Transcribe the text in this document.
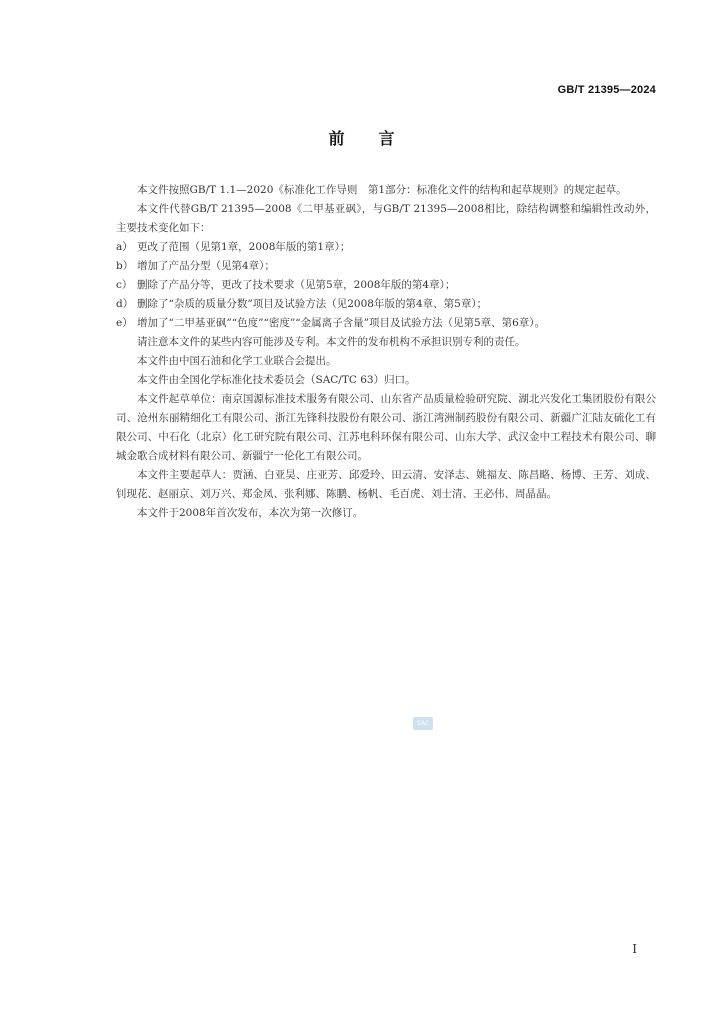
GB/T 21395—2024
前 言

本文件按照GB/T 1.1—2020《标准化工作导则　第1部分：标准化文件的结构和起草规则》的规定起草。

本文件代替GB/T 21395—2008《二甲基亚砜》，与GB/T 21395—2008相比，除结构调整和编辑性改动外，主要技术变化如下：

a） 更改了范围（见第1章，2008年版的第1章）；
b） 增加了产品分型（见第4章）；
c） 删除了产品分等，更改了技术要求（见第5章，2008年版的第4章）；
d） 删除了“杂质的质量分数”项目及试验方法（见2008年版的第4章、第5章）；
e） 增加了“二甲基亚砜”“色度”“密度”“金属离子含量”项目及试验方法（见第5章、第6章）。

请注意本文件的某些内容可能涉及专利。本文件的发布机构不承担识别专利的责任。

本文件由中国石油和化学工业联合会提出。

本文件由全国化学标准化技术委员会（SAC/TC 63）归口。

本文件起草单位：南京国源标准技术服务有限公司、山东省产品质量检验研究院、湖北兴发化工集团股份有限公司、沧州东丽精细化工有限公司、浙江先锋科技股份有限公司、浙江湾洲制药股份有限公司、新疆广汇陆友硫化工有限公司、中石化（北京）化工研究院有限公司、江苏电科环保有限公司、山东大学、武汉金中工程技术有限公司、聊城金歌合成材料有限公司、新疆宁一伦化工有限公司。

本文件主要起草人：贾涵、白亚昊、庄亚芳、邱爱玲、田云清、安泽志、姚福友、陈昌略、杨博、王芳、刘成、钊现花、赵丽京、刘万兴、郑金凤、张利娜、陈鹏、杨帆、毛百虎、刘士清、王必伟、周晶晶。

本文件于2008年首次发布，本次为第一次修订。

SAC
I
